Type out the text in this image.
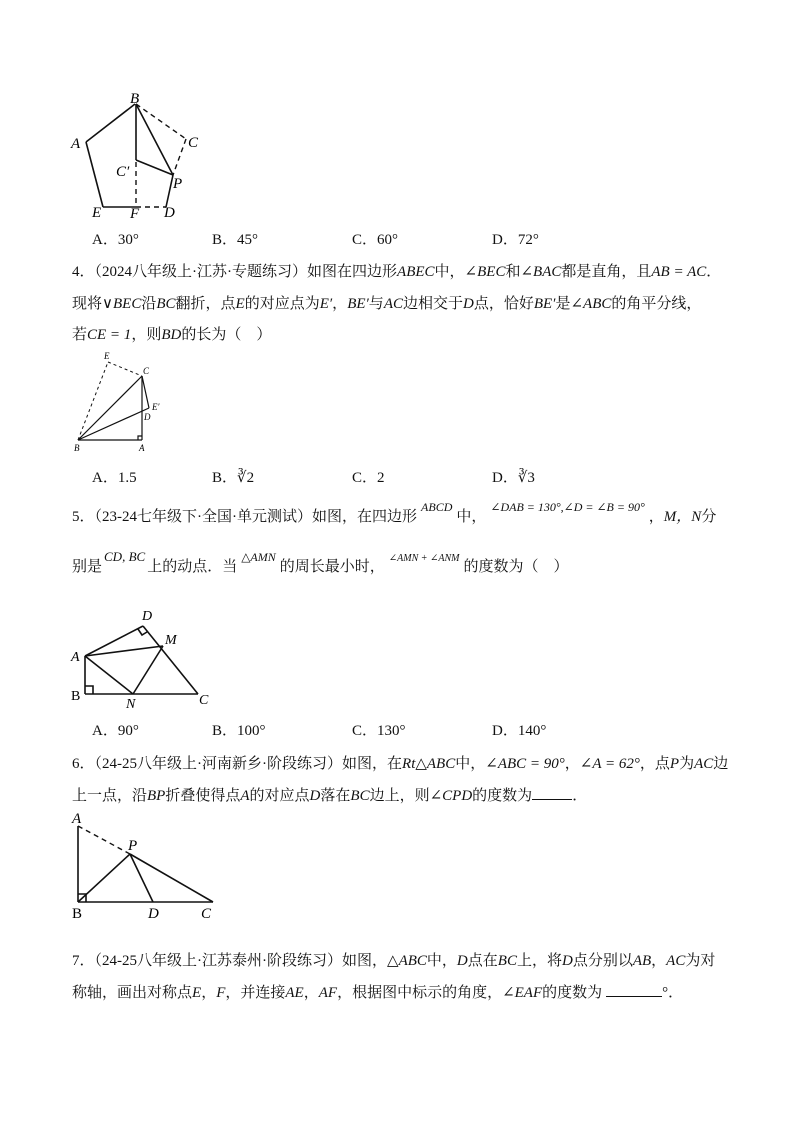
B
A	C
C′
P
E F D
A．30°	B．45°	C．60°	D．72°
4．（2024八年级上·江苏·专题练习）如图在四边形ABEC中，∠BEC和∠BAC都是直角，且AB = AC．
现将∨BEC沿BC翻折，点E的对应点为E′，BE′与AC边相交于D点，恰好BE′是∠ABC的角平分线，
若CE = 1，则BD的长为（　）
E
C
E′
D
B	A
A．1.5	B．∛2	C．2	D．∛3
5．（23-24七年级下·全国·单元测试）如图，在四边形$^{ABCD}$中，$^{\angle DAB = 130^\circ,\angle D = \angle B = 90^\circ}$，M，N分
别是CD, BC上的动点．当$^{\triangle AMN}$的周长最小时，$^{\angle AMN + \angle ANM}$的度数为（　）
D
M
A
B
N	C
A．90°	B．100°	C．130°	D．140°
6．（24-25八年级上·河南新乡·阶段练习）如图，在Rt△ABC中，∠ABC = 90°，∠A = 62°，点P为AC边
上一点，沿BP折叠使得点A的对应点D落在BC边上，则∠CPD的度数为	．
A
P
B	D	C
7．（24-25八年级上·江苏泰州·阶段练习）如图，△ABC中，D点在BC上，将D点分别以AB，AC为对
称轴，画出对称点E，F，并连接AE，AF，根据图中标示的角度，∠EAF的度数为	°．
